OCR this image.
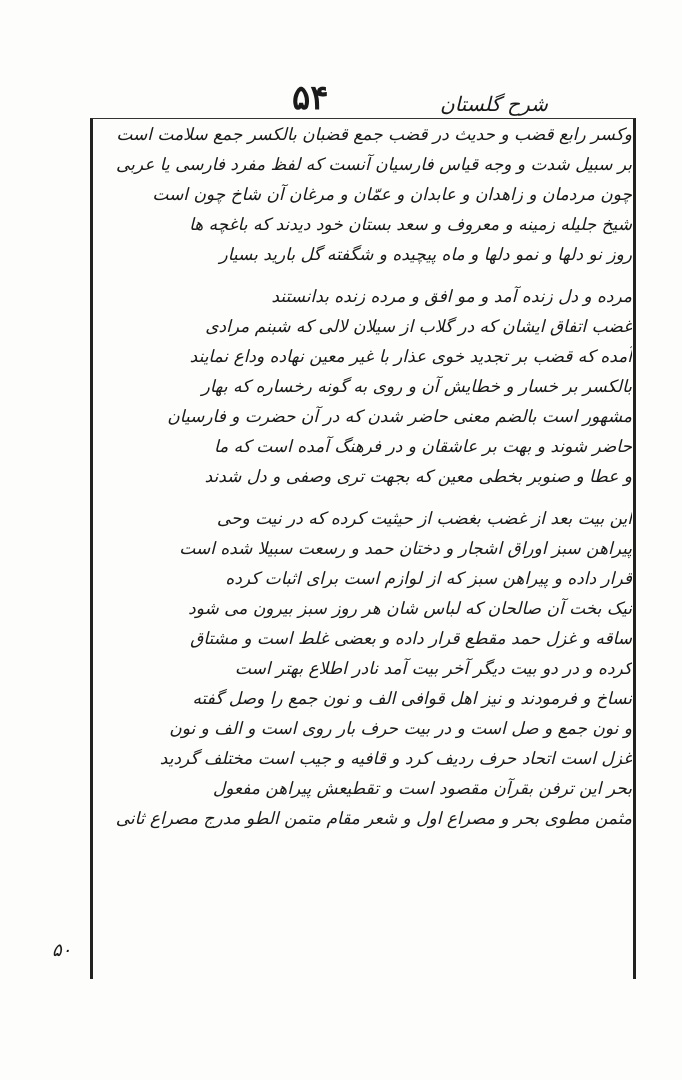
۵۴	شرح گلستان
وکسر رابع قضب و حدیث در قضب جمع قضبان بالکسر جمع سلامت است
بر سبیل شدت و وجه قیاس فارسیان آنست که لفظ مفرد فارسی یا عربی
چون مردمان و زاهدان و عابدان و عمّان و مرغان آن شاخ چون است
شیخ جلیله زمینه و معروف و سعد بستان خود دیدند که باغچه ها
روز نو دلها و نمو دلها و ماه پیچیده و شگفته گل بارید بسیار
مرده و دل زنده آمد و مو افق و مرده زنده بدانستند
غضب اتفاق ایشان که در گلاب از سیلان لالی که شبنم مرادی
آمده که قضب بر تجدید خوی عذار با غیر معین نهاده وداع نمایند
بالکسر بر خسار و خطایش آن و روی به گونه رخساره که بهار
مشهور است بالضم معنی حاضر شدن که در آن حضرت و فارسیان
حاضر شوند و بهت بر عاشقان و در فرهنگ آمده است که ما
و عطا و صنوبر بخطی معین که بجهت تری وصفی و دل شدند
این بیت بعد از غضب بغضب از حیثیت کرده که در نیت وحی
پیراهن سبز اوراق اشجار و دختان حمد و رسعت سبیلا شده است
قرار داده و پیراهن سبز که از لوازم است برای اثبات کرده
نیک بخت آن صالحان که لباس شان هر روز سبز بیرون می شود
ساقه و غزل حمد مقطع قرار داده و بعضی غلط است و مشتاق
کرده و در دو بیت دیگر آخر بیت آمد نادر اطلاع بهتر است
نساخ و فرمودند و نیز اهل قوافی الف و نون جمع را وصل گفته
و نون جمع و صل است و در بیت حرف بار روی است و الف و نون
غزل است اتحاد حرف ردیف کرد و قافیه و جیب است مختلف گردید
بحر این ترفن بقرآن مقصود است و تقطیعش پیراهن مفعول
مثمن مطوی بحر و مصراع اول و شعر مقام متمن الطو مدرج مصراع ثانی
۵۰
